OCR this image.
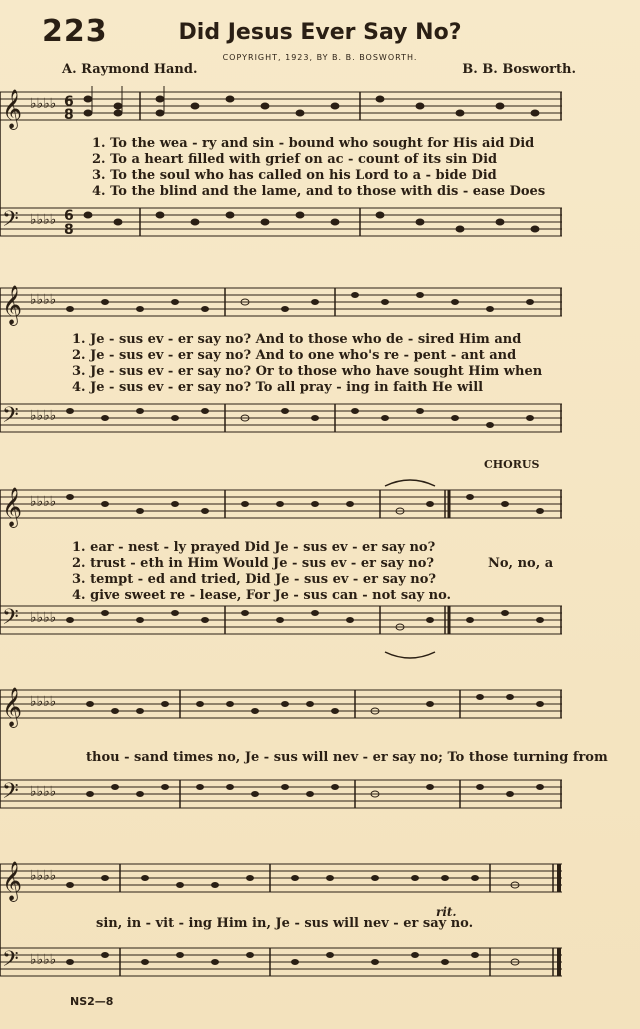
223	Did Jesus Ever Say No?
COPYRIGHT, 1923, BY B. B. BOSWORTH.
A. Raymond Hand.	B. B. Bosworth.
𝄞
𝄢
♭♭♭♭ 6
8
♭♭♭♭ 6
8
1. To the wea - ry and sin - bound who sought for His aid Did
2. To a heart filled with grief on ac - count of its sin Did
3. To the soul who has called on his Lord to a - bide Did
4. To the blind and the lame, and to those with dis - ease Does
𝄞
𝄢
♭♭♭♭
♭♭♭♭
1. Je - sus ev - er say no? And to those who de - sired Him and
2. Je - sus ev - er say no? And to one who's re - pent - ant and
3. Je - sus ev - er say no? Or to those who have sought Him when
4. Je - sus ev - er say no? To all pray - ing in faith He will
CHORUS
𝄞
𝄢
♭♭♭♭
♭♭♭♭
1. ear - nest - ly prayed Did Je - sus ev - er say no?
2. trust - eth in Him Would Je - sus ev - er say no?
3. tempt - ed and tried, Did Je - sus ev - er say no?
4. give sweet re - lease, For Je - sus can - not say no.
No, no, a
𝄞
𝄢
♭♭♭♭
♭♭♭♭
thou - sand times no, Je - sus will nev - er say no; To those turning from
rit.
𝄞
𝄢
♭♭♭♭
♭♭♭♭
sin, in - vit - ing Him in, Je - sus will nev - er say no.
NS2—8
